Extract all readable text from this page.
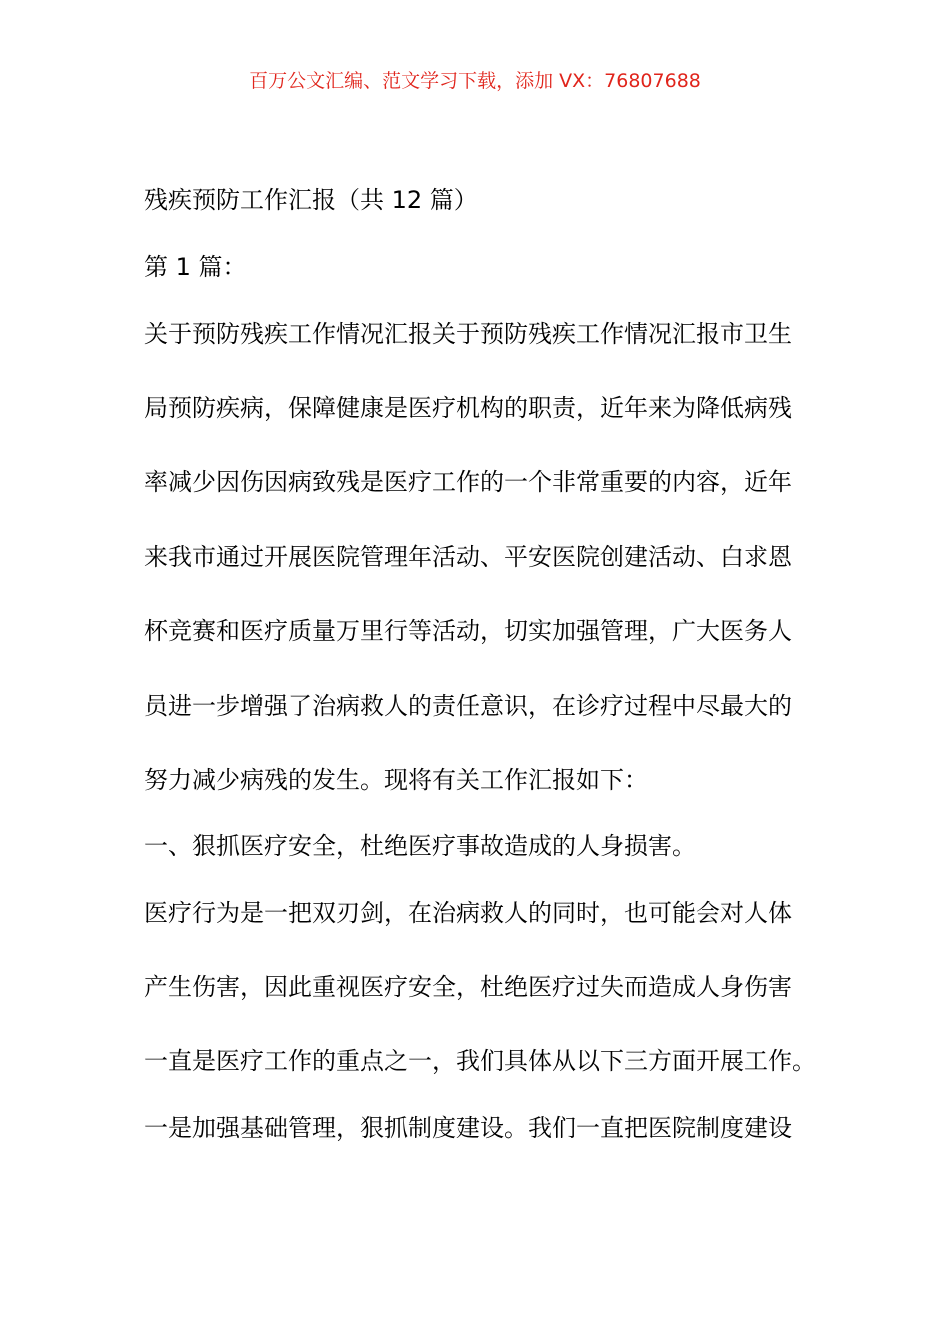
百万公文汇编、范文学习下载，添加 VX：76807688
残疾预防工作汇报（共 12 篇）
第 1 篇：
关于预防残疾工作情况汇报关于预防残疾工作情况汇报市卫生
局预防疾病，保障健康是医疗机构的职责，近年来为降低病残
率减少因伤因病致残是医疗工作的一个非常重要的内容，近年
来我市通过开展医院管理年活动、平安医院创建活动、白求恩
杯竞赛和医疗质量万里行等活动，切实加强管理，广大医务人
员进一步增强了治病救人的责任意识，在诊疗过程中尽最大的
努力减少病残的发生。现将有关工作汇报如下：
一、狠抓医疗安全，杜绝医疗事故造成的人身损害。
医疗行为是一把双刃剑，在治病救人的同时，也可能会对人体
产生伤害，因此重视医疗安全，杜绝医疗过失而造成人身伤害
一直是医疗工作的重点之一，我们具体从以下三方面开展工作。
一是加强基础管理，狠抓制度建设。我们一直把医院制度建设
